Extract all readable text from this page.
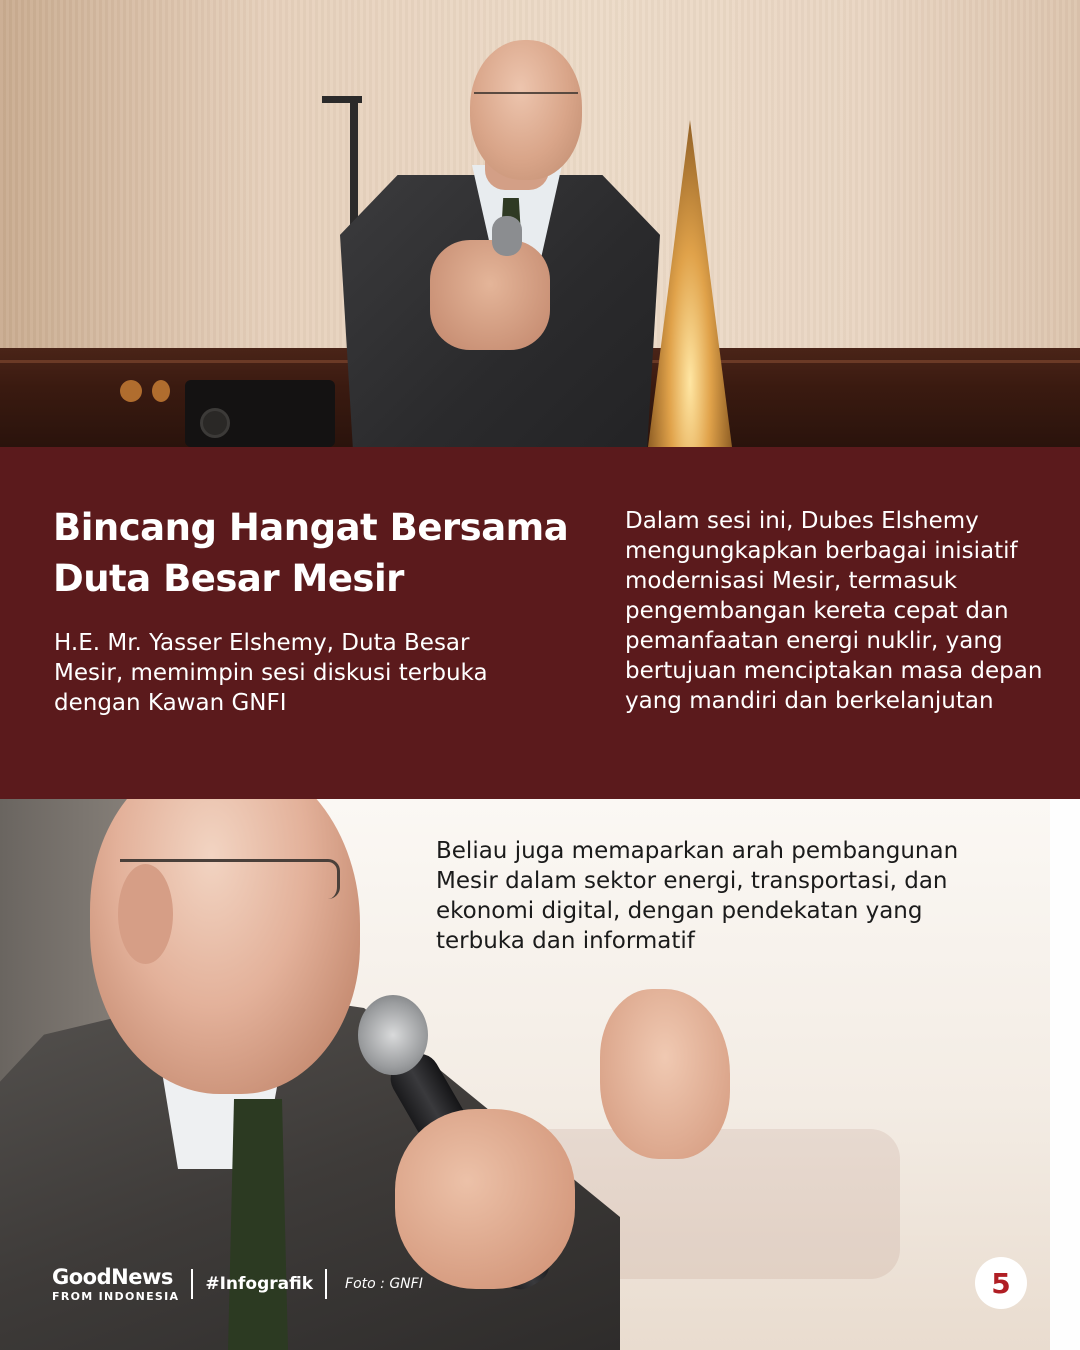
Bincang Hangat Bersama
Duta Besar Mesir

H.E. Mr. Yasser Elshemy, Duta Besar Mesir, memimpin sesi diskusi terbuka dengan Kawan GNFI

Dalam sesi ini, Dubes Elshemy mengungkapkan berbagai inisiatif modernisasi Mesir, termasuk pengembangan kereta cepat dan pemanfaatan energi nuklir, yang bertujuan menciptakan masa depan yang mandiri dan berkelanjutan

Beliau juga memaparkan arah pembangunan Mesir dalam sektor energi, transportasi, dan ekonomi digital, dengan pendekatan yang terbuka dan informatif

GoodNews
FROM INDONESIA
#Infografik Foto : GNFI	5
